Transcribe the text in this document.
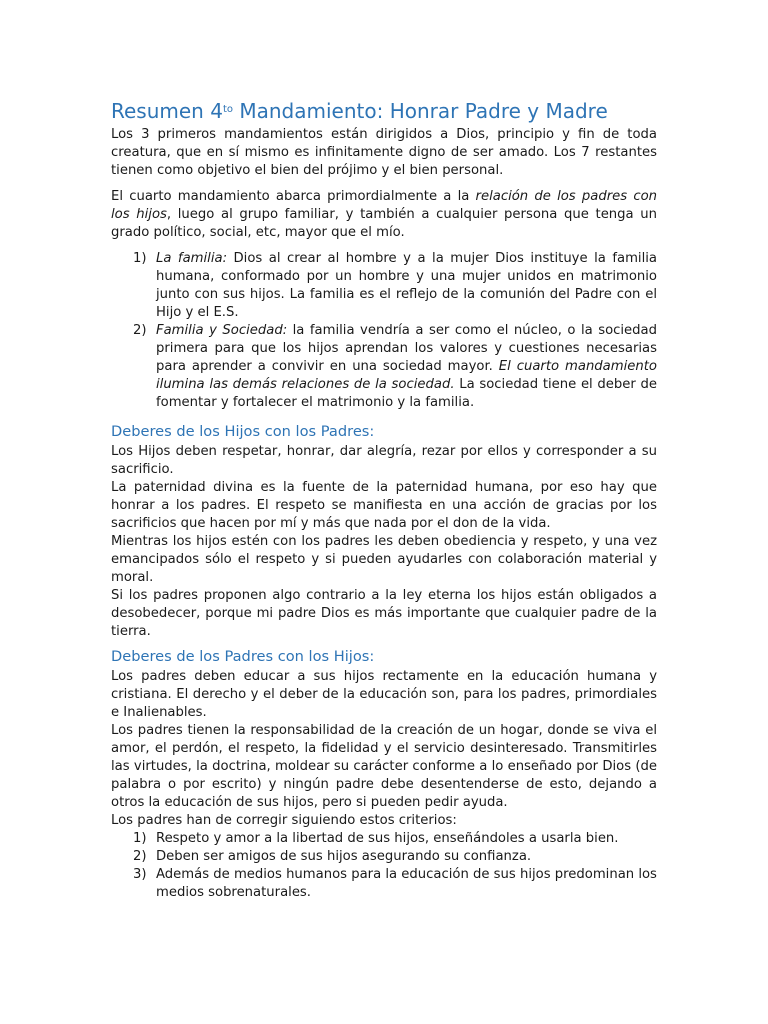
Resumen $4^{to}$ Mandamiento: Honrar Padre y Madre

Los 3 primeros mandamientos están dirigidos a Dios, principio y fin de toda creatura, que en sí mismo es infinitamente digno de ser amado. Los 7 restantes tienen como objetivo el bien del prójimo y el bien personal.

El cuarto mandamiento abarca primordialmente a la relación de los padres con los hijos, luego al grupo familiar, y también a cualquier persona que tenga un grado político, social, etc, mayor que el mío.

1) La familia: Dios al crear al hombre y a la mujer Dios instituye la familia humana, conformado por un hombre y una mujer unidos en matrimonio junto con sus hijos. La familia es el reflejo de la comunión del Padre con el Hijo y el E.S.
2) Familia y Sociedad: la familia vendría a ser como el núcleo, o la sociedad primera para que los hijos aprendan los valores y cuestiones necesarias para aprender a convivir en una sociedad mayor. El cuarto mandamiento ilumina las demás relaciones de la sociedad. La sociedad tiene el deber de fomentar y fortalecer el matrimonio y la familia.
Deberes de los Hijos con los Padres:

Los Hijos deben respetar, honrar, dar alegría, rezar por ellos y corresponder a su sacrificio.

La paternidad divina es la fuente de la paternidad humana, por eso hay que honrar a los padres. El respeto se manifiesta en una acción de gracias por los sacrificios que hacen por mí y más que nada por el don de la vida.

Mientras los hijos estén con los padres les deben obediencia y respeto, y una vez emancipados sólo el respeto y si pueden ayudarles con colaboración material y moral.

Si los padres proponen algo contrario a la ley eterna los hijos están obligados a desobedecer, porque mi padre Dios es más importante que cualquier padre de la tierra.

Deberes de los Padres con los Hijos:

Los padres deben educar a sus hijos rectamente en la educación humana y cristiana. El derecho y el deber de la educación son, para los padres, primordiales e Inalienables.

Los padres tienen la responsabilidad de la creación de un hogar, donde se viva el amor, el perdón, el respeto, la fidelidad y el servicio desinteresado. Transmitirles las virtudes, la doctrina, moldear su carácter conforme a lo enseñado por Dios (de palabra o por escrito) y ningún padre debe desentenderse de esto, dejando a otros la educación de sus hijos, pero si pueden pedir ayuda.

Los padres han de corregir siguiendo estos criterios:

1) Respeto y amor a la libertad de sus hijos, enseñándoles a usarla bien.
2) Deben ser amigos de sus hijos asegurando su confianza.
3) Además de medios humanos para la educación de sus hijos predominan los medios sobrenaturales.
